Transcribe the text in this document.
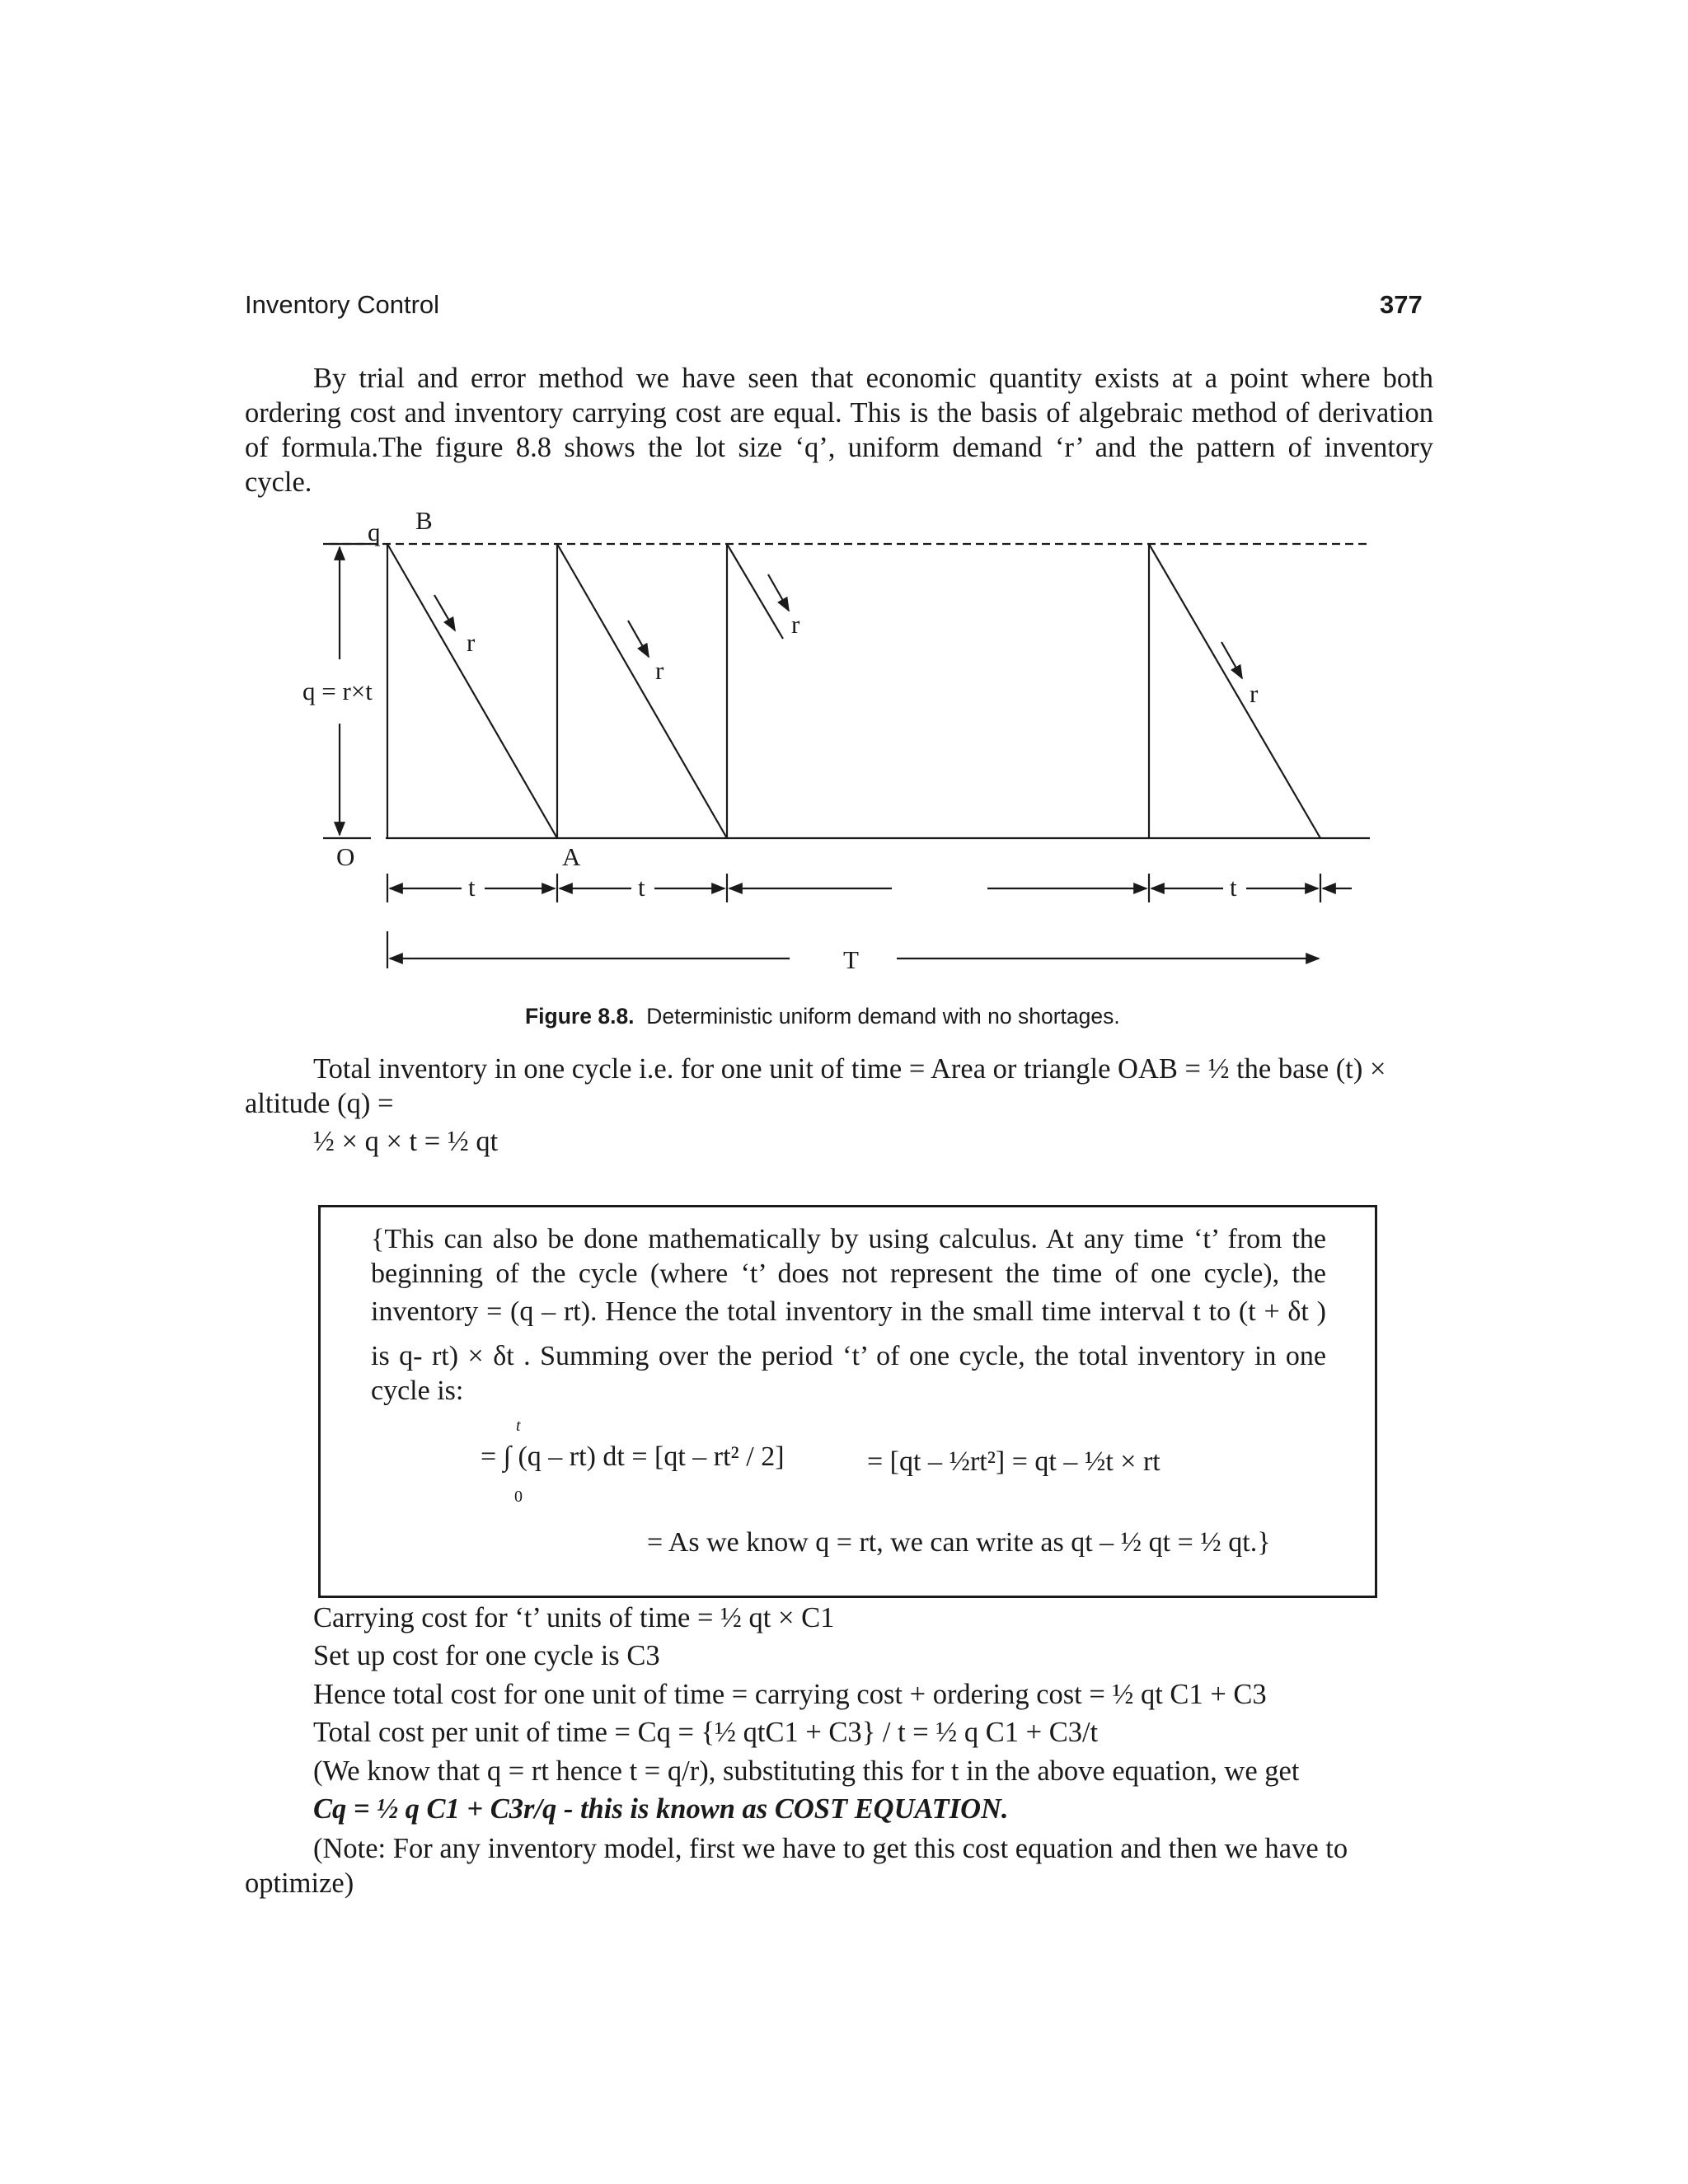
Inventory Control	377
By trial and error method we have seen that economic quantity exists at a point where both
ordering cost and inventory carrying cost are equal. This is the basis of algebraic method of derivation
of formula.The figure 8.8 shows the lot size ‘q’, uniform demand ‘r’ and the pattern of inventory
cycle.
q B
q = r×t
O	A
r
r
r
r
t	t	t
T
Figure 8.8. Deterministic uniform demand with no shortages.
Total inventory in one cycle i.e. for one unit of time = Area or triangle OAB = ½ the base (t) ×
altitude (q) =
½ × q × t = ½ qt
{This can also be done mathematically by using calculus. At any time ‘t’ from the
beginning of the cycle (where ‘t’ does not represent the time of one cycle), the
inventory = (q – rt). Hence the total inventory in the small time interval t to (t + δt )
is q- rt) × δt . Summing over the period ‘t’ of one cycle, the total inventory in one
cycle is:
t
0
= ∫ (q – rt) dt = [qt – rt² / 2]	= [qt – ½rt²] = qt – ½t × rt
= As we know q = rt, we can write as qt – ½ qt = ½ qt.}
Carrying cost for ‘t’ units of time = ½ qt × C1
Set up cost for one cycle is C3
Hence total cost for one unit of time = carrying cost + ordering cost = ½ qt C1 + C3
Total cost per unit of time = Cq = {½ qtC1 + C3} / t = ½ q C1 + C3/t
(We know that q = rt hence t = q/r), substituting this for t in the above equation, we get
Cq = ½ q C1 + C3r/q - this is known as COST EQUATION.
(Note: For any inventory model, first we have to get this cost equation and then we have to
optimize)
